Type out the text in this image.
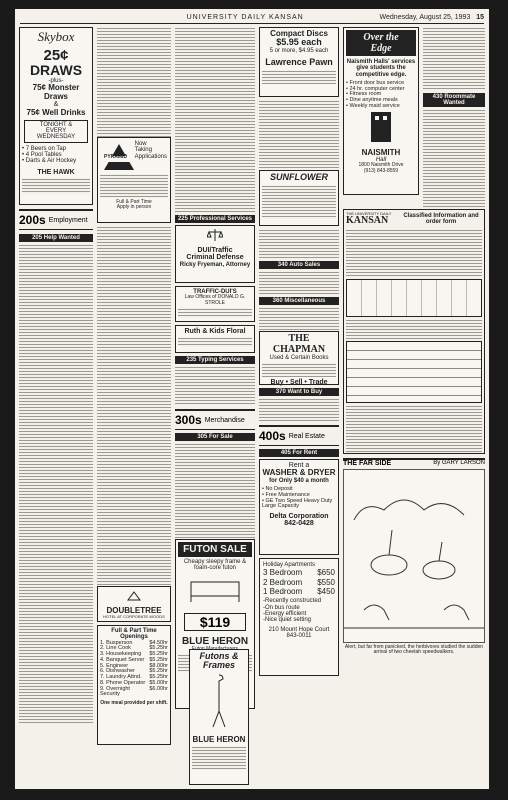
UNIVERSITY DAILY KANSAN	Wednesday, August 25, 1993 15
Skybox
25¢
DRAWS
-plus-
75¢ Monster Draws
&
75¢ Well Drinks
TONIGHT &
EVERY WEDNESDAY
• 7 Beers on Tap
• 4 Pool Tables
• Darts & Air Hockey
THE HAWK
200s Employment
205 Help Wanted
PYRAMID
Now
Taking
Applications
Full & Part Time
Apply in person
DOUBLETREE
HOTEL AT CORPORATE WOODS
Full & Part Time Openings
1. Busperson	$4.50hr
2. Line Cook	$5.25hr
3. Housekeeping $5.25hr
4. Banquet Server $5.25hr
5. Engineer	$8.00hr
6. Dishwasher	$5.25hr
7. Laundry Attnd. $5.25hr
8. Phone Operator $5.00hr
9. Overnight Security
$6.00hr
One meal provided per shift.
225 Professional Services
DUI/Traffic
Criminal Defense
Ricky Fryeman, Attorney
TRAFFIC-DUI'S
Law Offices of DONALD G. STROLE
Ruth & Kids Floral
235 Typing Services
300s Merchandise
305 For Sale
FUTON SALE
Cheapy sleepy frame & foam-core futon
$119
BLUE HERON
Compact Discs
$5.95 each
5 or more, $4.95 each
Lawrence Pawn
SUNFLOWER
340 Auto Sales
360 Miscellaneous
THE CHAPMAN
Used & Certain Books
Buy • Sell • Trade
370 Want to Buy
400s Real Estate
405 For Rent
Rent a
WASHER & DRYER
for Only $40 a month
• No Deposit
• Free Maintenance
• GE Two Speed Heavy Duty
Large Capacity
Delta Corporation
842-0428
Holiday Apartments
3 Bedroom $650
2 Bedroom $550
1 Bedroom $450
-Recently constructed
-On bus route
-Energy efficient
-Nice quiet setting
210 Mount Hope Court
843-0011
Futons & Frames
BLUE HERON
Over the
Edge
Naismith Halls' services give students the competitive edge.
• Front door bus service
• 24 hr. computer center
• Fitness room
• Dine anytime meals
• Weekly maid service
NAISMITH
Hall
1800 Naismith Drive
(913) 843-8559
430 Roommate Wanted
THE UNIVERSITY DAILY
KANSAN	Classified Information and order form
THE FAR SIDE	By GARY LARSON
Alert, but far from panicked, the herbivores studied the sudden arrival of two cheetah speedwalkers.
